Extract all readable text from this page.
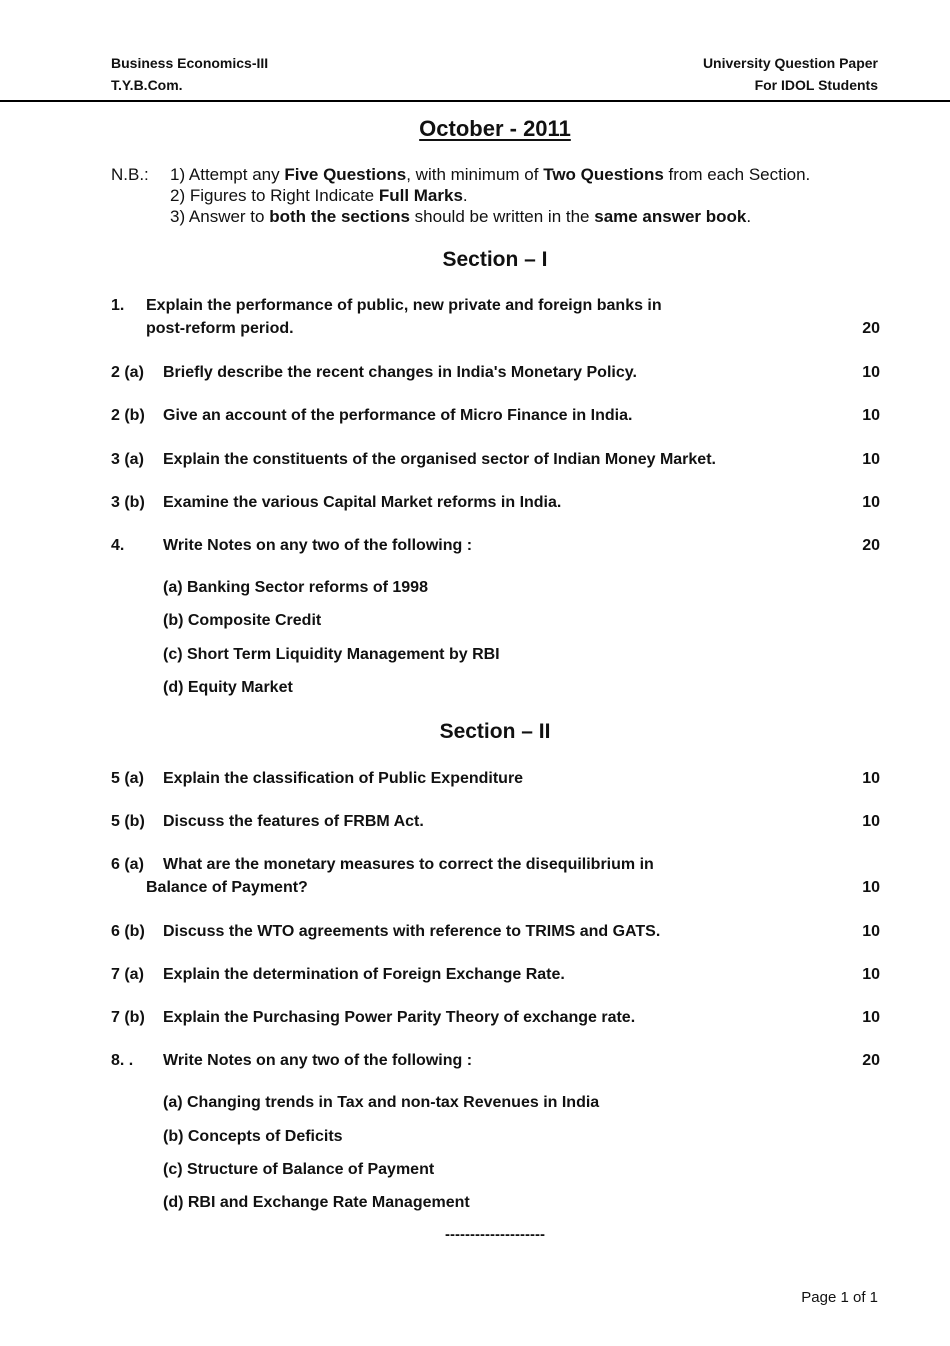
Business Economics-III
T.Y.B.Com.
University Question Paper
For IDOL Students
October - 2011
N.B.: 1) Attempt any Five Questions, with minimum of Two Questions from each Section.
2) Figures to Right Indicate Full Marks.
3) Answer to both the sections should be written in the same answer book.
Section – I
1. Explain the performance of public, new private and foreign banks in
post-reform period.	20
2 (a) Briefly describe the recent changes in India's Monetary Policy.	10
2 (b) Give an account of the performance of Micro Finance in India.	10
3 (a) Explain the constituents of the organised sector of Indian Money Market.	10
3 (b) Examine the various Capital Market reforms in India.	10
4. Write Notes on any two of the following :	20
(a) Banking Sector reforms of 1998
(b) Composite Credit
(c) Short Term Liquidity Management by RBI
(d) Equity Market
Section – II
5 (a) Explain the classification of Public Expenditure	10
5 (b) Discuss the features of FRBM Act.	10
6 (a) What are the monetary measures to correct the disequilibrium in
Balance of Payment?	10
6 (b) Discuss the WTO agreements with reference to TRIMS and GATS.	10
7 (a) Explain the determination of Foreign Exchange Rate.	10
7 (b) Explain the Purchasing Power Parity Theory of exchange rate.	10
8. . Write Notes on any two of the following :	20
(a) Changing trends in Tax and non-tax Revenues in India
(b) Concepts of Deficits
(c) Structure of Balance of Payment
(d) RBI and Exchange Rate Management
--------------------
Page 1 of 1
